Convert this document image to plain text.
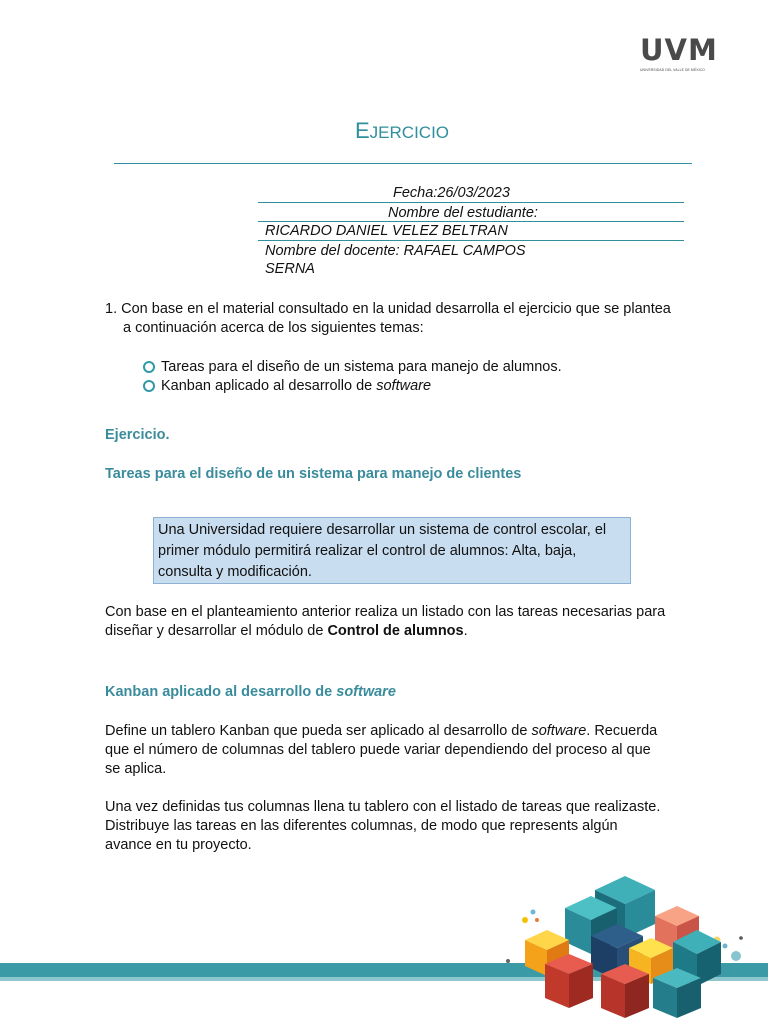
UVM
UNIVERSIDAD DEL VALLE DE MÉXICO
EJERCICIO
Fecha:26/03/2023
Nombre del estudiante:
RICARDO DANIEL VELEZ BELTRAN
Nombre del docente: RAFAEL CAMPOS
SERNA
1. Con base en el material consultado en la unidad desarrolla el ejercicio que se plantea
a continuación acerca de los siguientes temas:
Tareas para el diseño de un sistema para manejo de alumnos.
Kanban aplicado al desarrollo de software
Ejercicio.
Tareas para el diseño de un sistema para manejo de clientes
Una Universidad requiere desarrollar un sistema de control escolar, el
primer módulo permitirá realizar el control de alumnos: Alta, baja,
consulta y modificación.
Con base en el planteamiento anterior realiza un listado con las tareas necesarias para
diseñar y desarrollar el módulo de Control de alumnos.
Kanban aplicado al desarrollo de software
Define un tablero Kanban que pueda ser aplicado al desarrollo de software. Recuerda
que el número de columnas del tablero puede variar dependiendo del proceso al que
se aplica.
Una vez definidas tus columnas llena tu tablero con el listado de tareas que realizaste.
Distribuye las tareas en las diferentes columnas, de modo que represents algún
avance en tu proyecto.
